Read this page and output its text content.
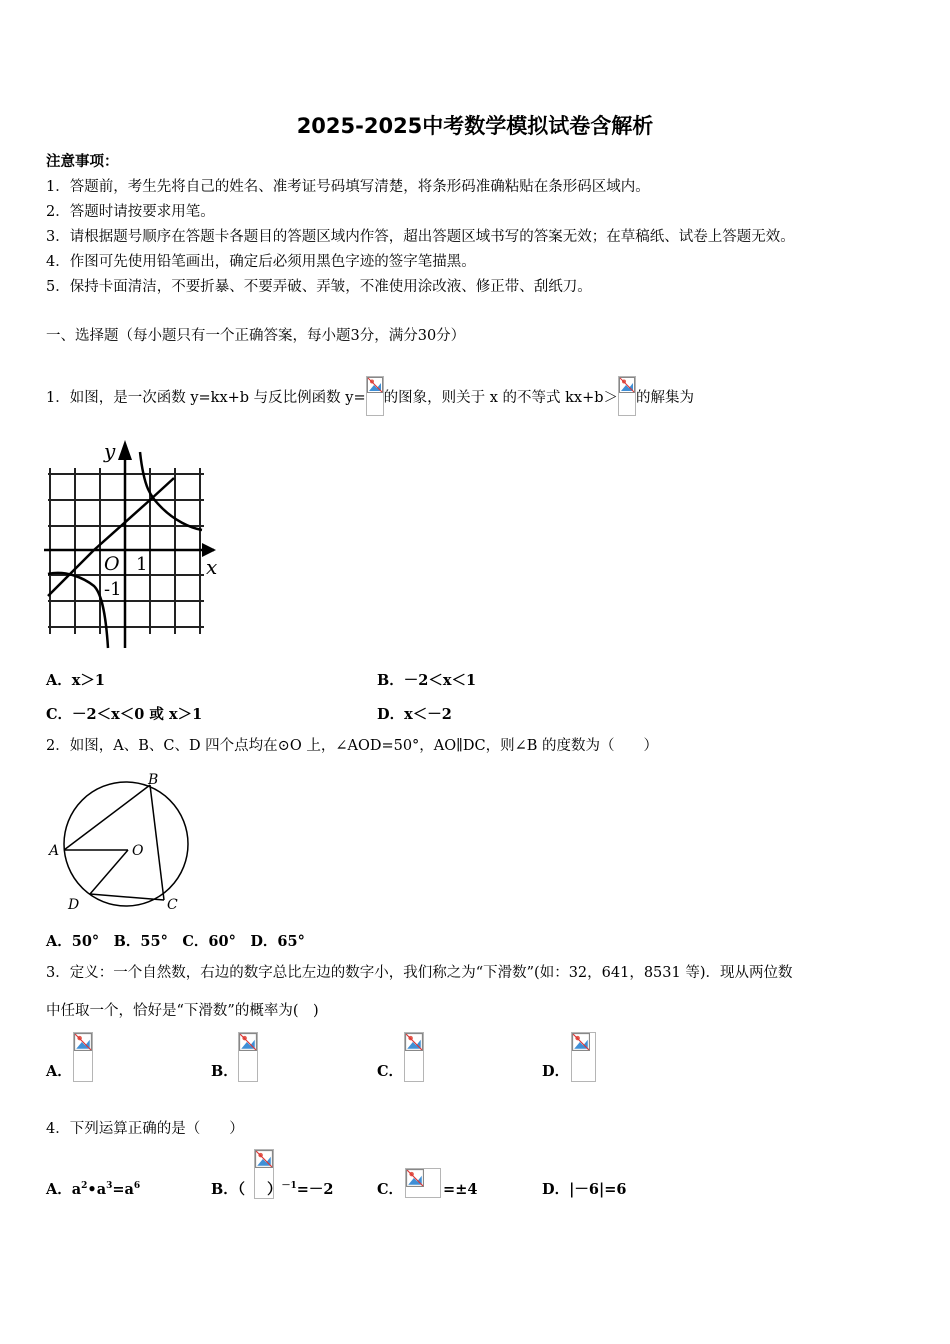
2025-2025中考数学模拟试卷含解析
注意事项：
1．答题前，考生先将自己的姓名、准考证号码填写清楚，将条形码准确粘贴在条形码区域内。
2．答题时请按要求用笔。
3．请根据题号顺序在答题卡各题目的答题区域内作答，超出答题区域书写的答案无效；在草稿纸、试卷上答题无效。
4．作图可先使用铅笔画出，确定后必须用黑色字迹的签字笔描黑。
5．保持卡面清洁，不要折暴、不要弄破、弄皱，不准使用涂改液、修正带、刮纸刀。
一、选择题（每小题只有一个正确答案，每小题3分，满分30分）
1．如图，是一次函数 y=kx+b 与反比例函数 y= 的图象，则关于 x 的不等式 kx+b＞ 的解集为
y
x
O 1
-1
A．x＞1	B．－2＜x＜1
C．－2＜x＜0 或 x＞1	D．x＜－2
2．如图，A、B、C、D 四个点均在⊙O 上，∠AOD=50°，AO∥DC，则∠B 的度数为（　　）
B
A	O
D	C
A．50°　B．55°　C．60°　D．65°
3．定义：一个自然数，右边的数字总比左边的数字小，我们称之为“下滑数”(如：32，641，8531 等)．现从两位数
中任取一个，恰好是“下滑数”的概率为(　)
A．	B．	C．	D．
4．下列运算正确的是（　　）
A．$a^2•a^3=a^6$	B．（ ）$^{-1}$=－2	C．	=±4	D．|－6|=6
